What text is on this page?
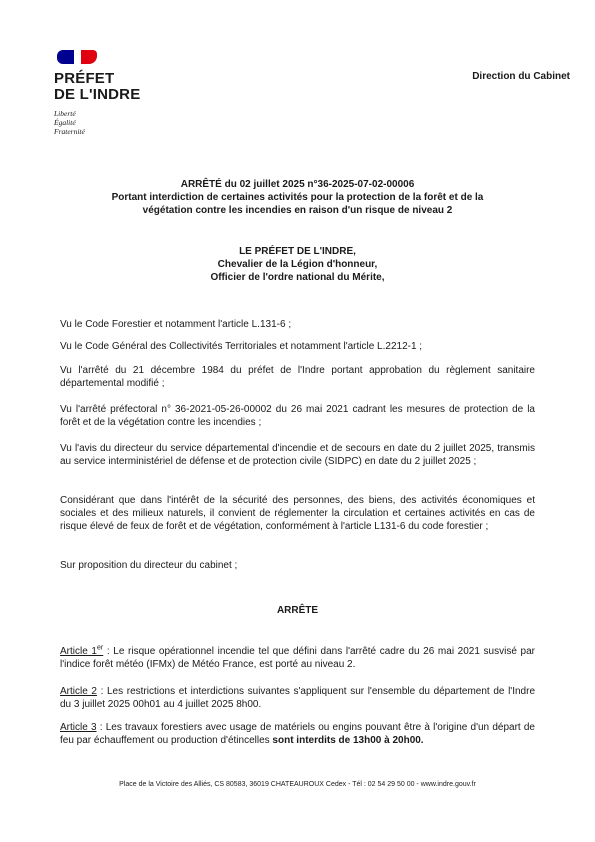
PRÉFET
DE L'INDRE
Liberté
Égalité
Fraternité
Direction du Cabinet
ARRÊTÉ du 02 juillet 2025 n°36-2025-07-02-00006
Portant interdiction de certaines activités pour la protection de la forêt et de la
végétation contre les incendies en raison d'un risque de niveau 2
LE PRÉFET DE L'INDRE,
Chevalier de la Légion d'honneur,
Officier de l'ordre national du Mérite,
Vu le Code Forestier et notamment l'article L.131-6 ;
Vu le Code Général des Collectivités Territoriales et notamment l'article L.2212-1 ;
Vu l'arrêté du 21 décembre 1984 du préfet de l'Indre portant approbation du règlement sanitaire départemental modifié ;
Vu l'arrêté préfectoral n° 36-2021-05-26-00002 du 26 mai 2021 cadrant les mesures de protection de la forêt et de la végétation contre les incendies ;
Vu l'avis du directeur du service départemental d'incendie et de secours en date du 2 juillet 2025, transmis au service interministériel de défense et de protection civile (SIDPC) en date du 2 juillet 2025 ;
Considérant que dans l'intérêt de la sécurité des personnes, des biens, des activités économiques et sociales et des milieux naturels, il convient de réglementer la circulation et certaines activités en cas de risque élevé de feux de forêt et de végétation, conformément à l'article L131-6 du code forestier ;
Sur proposition du directeur du cabinet ;
ARRÊTE
Article 1er : Le risque opérationnel incendie tel que défini dans l'arrêté cadre du 26 mai 2021 susvisé par l'indice forêt météo (IFMx) de Météo France, est porté au niveau 2.
Article 2 : Les restrictions et interdictions suivantes s'appliquent sur l'ensemble du département de l'Indre du 3 juillet 2025 00h01 au 4 juillet 2025 8h00.
Article 3 : Les travaux forestiers avec usage de matériels ou engins pouvant être à l'origine d'un départ de feu par échauffement ou production d'étincelles sont interdits de 13h00 à 20h00.
Place de la Victoire des Alliés, CS 80583, 36019 CHATEAUROUX Cedex - Tél : 02 54 29 50 00 - www.indre.gouv.fr
